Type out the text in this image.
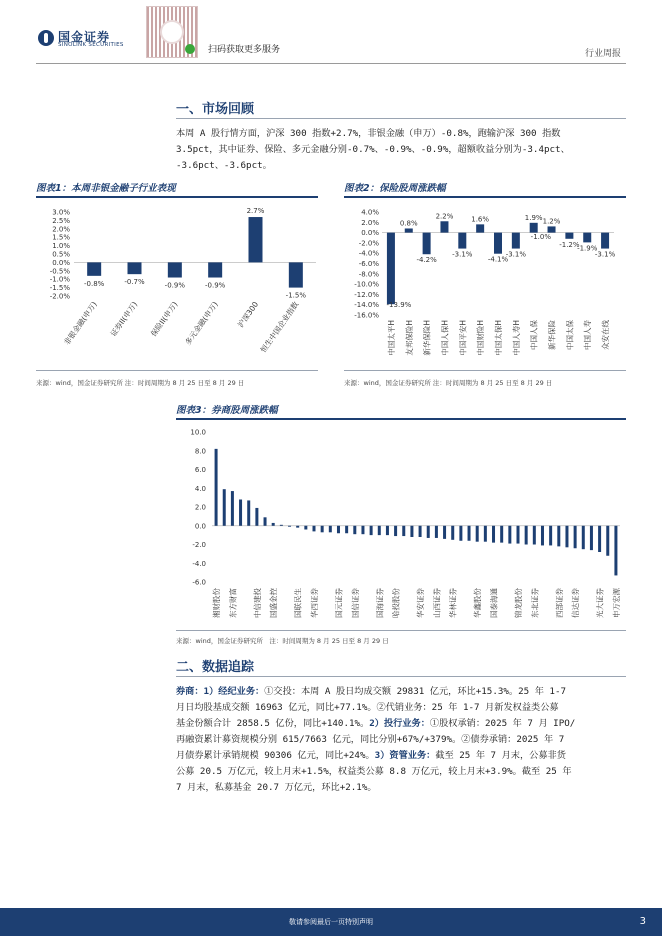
国金证券
SINOLINK SECURITIES	扫码获取更多服务	行业周报
一、市场回顾
本周 A 股行情方面，沪深 300 指数+2.7%，非银金融（申万）-0.8%，跑输沪深 300 指数
3.5pct，其中证券、保险、多元金融分别-0.7%、-0.9%、-0.9%，超额收益分别为-3.4pct、
-3.6pct、-3.6pct。
图表1：本周非银金融子行业表现
3.0%
2.5%
2.0%
1.5%
1.0%
0.5%
0.0%
-0.5%
-1.0%
-1.5%
-2.0%
-0.8%
非银金融(申万)
-0.7%
证券II(申万)
-0.9%
保险II(申万)
-0.9%
多元金融(申万)
2.7%
沪深300
-1.5%
恒生中国企业指数
来源：wind，国金证券研究所 注：时间周期为 8 月 25 日至 8 月 29 日
图表2：保险股周涨跌幅
4.0%
2.0%
0.0%
-2.0%
-4.0%
-6.0%
-8.0%
-10.0%
-12.0%
-14.0%
-16.0%
-13.9%
0.8%
-4.2%
2.2%
-3.1%
1.6%
-4.1%
-3.1%
1.9% 1.2%
-1.2%
-1.9%
-3.1%
-1.0%
中国太平H 友邦保险H 新华保险H 中国人保H 中国平安H 中国财险H 中国太保H 中国人寿H 中国人保 新华保险 中国太保 中国人寿 众安在线
来源：wind，国金证券研究所 注：时间周期为 8 月 25 日至 8 月 29 日
图表3：券商股周涨跌幅
10.0
8.0
6.0
4.0
2.0
0.0
-2.0
-4.0
-6.0
湘财股份 东方财富 中信建投 国盛金控 国联民生 华西证券 国元证券 国信证券 国海证券 哈投股份 华安证券 山西证券 华林证券 华鑫股份 国泰海通 锦龙股份 东北证券 西部证券 信达证券 光大证券 申万宏源
来源：wind，国金证券研究所　注：时间周期为 8 月 25 日至 8 月 29 日
二、数据追踪
券商：1）经纪业务：①交投：本周 A 股日均成交额 29831 亿元，环比+15.3%。25 年 1-7
月日均股基成交额 16963 亿元，同比+77.1%。②代销业务：25 年 1-7 月新发权益类公募
基金份额合计 2858.5 亿份，同比+140.1%。2）投行业务：①股权承销：2025 年 7 月 IPO/
再融资累计募资规模分别 615/7663 亿元，同比分别+67%/+379%。②债券承销：2025 年 7
月债券累计承销规模 90306 亿元，同比+24%。3）资管业务：截至 25 年 7 月末，公募非货
公募 20.5 万亿元，较上月末+1.5%，权益类公募 8.8 万亿元，较上月末+3.9%。截至 25 年
7 月末，私募基金 20.7 万亿元，环比+2.1%。
敬请参阅最后一页特别声明	3
